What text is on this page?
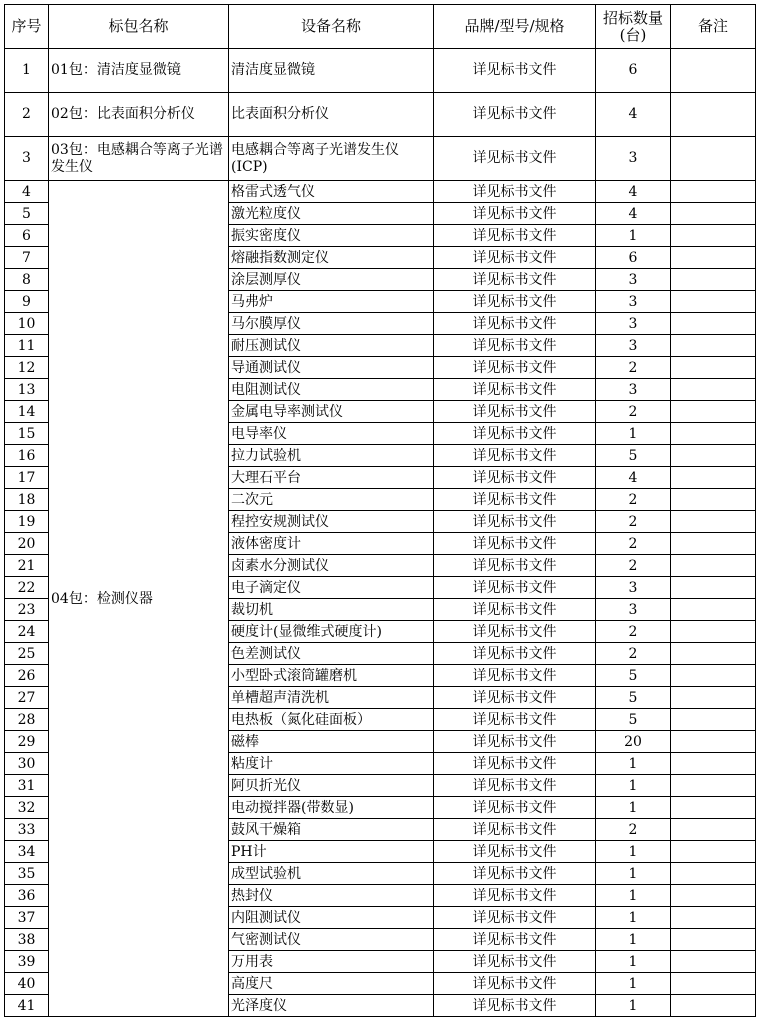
序号	标包名称	设备名称	品牌/型号/规格	招标数量(台)	备注
1	01包：清洁度显微镜	清洁度显微镜	详见标书文件	6	
2	02包：比表面积分析仪	比表面积分析仪	详见标书文件	4	
3	03包：电感耦合等离子光谱发生仪	电感耦合等离子光谱发生仪(ICP)	详见标书文件	3	
4	04包：检测仪器	格雷式透气仪	详见标书文件	4	
5		激光粒度仪	详见标书文件	4	
6		振实密度仪	详见标书文件	1	
7		熔融指数测定仪	详见标书文件	6	
8		涂层测厚仪	详见标书文件	3	
9		马弗炉	详见标书文件	3	
10		马尔膜厚仪	详见标书文件	3	
11		耐压测试仪	详见标书文件	3	
12		导通测试仪	详见标书文件	2	
13		电阻测试仪	详见标书文件	3	
14		金属电导率测试仪	详见标书文件	2	
15		电导率仪	详见标书文件	1	
16		拉力试验机	详见标书文件	5	
17		大理石平台	详见标书文件	4	
18		二次元	详见标书文件	2	
19		程控安规测试仪	详见标书文件	2	
20		液体密度计	详见标书文件	2	
21		卤素水分测试仪	详见标书文件	2	
22		电子滴定仪	详见标书文件	3	
23		裁切机	详见标书文件	3	
24		硬度计(显微维式硬度计)	详见标书文件	2	
25		色差测试仪	详见标书文件	2	
26		小型卧式滚筒罐磨机	详见标书文件	5	
27		单槽超声清洗机	详见标书文件	5	
28		电热板（氮化硅面板）	详见标书文件	5	
29		磁棒	详见标书文件	20	
30		粘度计	详见标书文件	1	
31		阿贝折光仪	详见标书文件	1	
32		电动搅拌器(带数显)	详见标书文件	1	
33		鼓风干燥箱	详见标书文件	2	
34		PH计	详见标书文件	1	
35		成型试验机	详见标书文件	1	
36		热封仪	详见标书文件	1	
37		内阻测试仪	详见标书文件	1	
38		气密测试仪	详见标书文件	1	
39		万用表	详见标书文件	1	
40		高度尺	详见标书文件	1	
41		光泽度仪	详见标书文件	1	
